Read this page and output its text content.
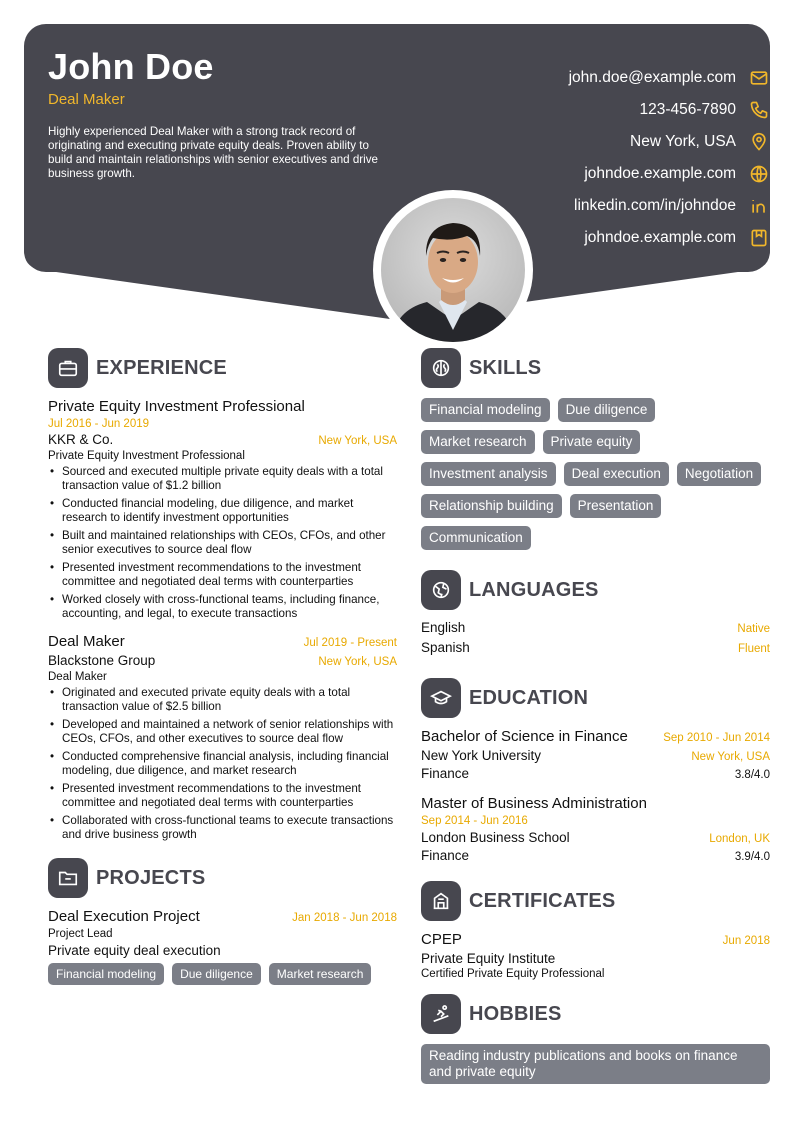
John Doe
Deal Maker
Highly experienced Deal Maker with a strong track record of originating and executing private equity deals. Proven ability to build and maintain relationships with senior executives and drive business growth.
john.doe@example.com
123-456-7890
New York, USA
johndoe.example.com
linkedin.com/in/johndoe
johndoe.example.com
EXPERIENCE
Private Equity Investment Professional
Jul 2016 - Jun 2019
KKR & Co.	New York, USA
Private Equity Investment Professional
• Sourced and executed multiple private equity deals with a total transaction value of $1.2 billion
• Conducted financial modeling, due diligence, and market research to identify investment opportunities
• Built and maintained relationships with CEOs, CFOs, and other senior executives to source deal flow
• Presented investment recommendations to the investment committee and negotiated deal terms with counterparties
• Worked closely with cross-functional teams, including finance, accounting, and legal, to execute transactions
Deal Maker	Jul 2019 - Present
Blackstone Group	New York, USA
Deal Maker
• Originated and executed private equity deals with a total transaction value of $2.5 billion
• Developed and maintained a network of senior relationships with CEOs, CFOs, and other executives to source deal flow
• Conducted comprehensive financial analysis, including financial modeling, due diligence, and market research
• Presented investment recommendations to the investment committee and negotiated deal terms with counterparties
• Collaborated with cross-functional teams to execute transactions and drive business growth
PROJECTS
Deal Execution Project	Jan 2018 - Jun 2018
Project Lead
Private equity deal execution
Financial modeling	Due diligence	Market research
SKILLS
Financial modeling	Due diligence
Market research	Private equity
Investment analysis	Deal execution	Negotiation
Relationship building	Presentation
Communication
LANGUAGES
English	Native
Spanish	Fluent
EDUCATION
Bachelor of Science in Finance	Sep 2010 - Jun 2014
New York University	New York, USA
Finance	3.8/4.0
Master of Business Administration
Sep 2014 - Jun 2016
London Business School	London, UK
Finance	3.9/4.0
CERTIFICATES
CPEP	Jun 2018
Private Equity Institute
Certified Private Equity Professional
HOBBIES
Reading industry publications and books on finance and private equity
